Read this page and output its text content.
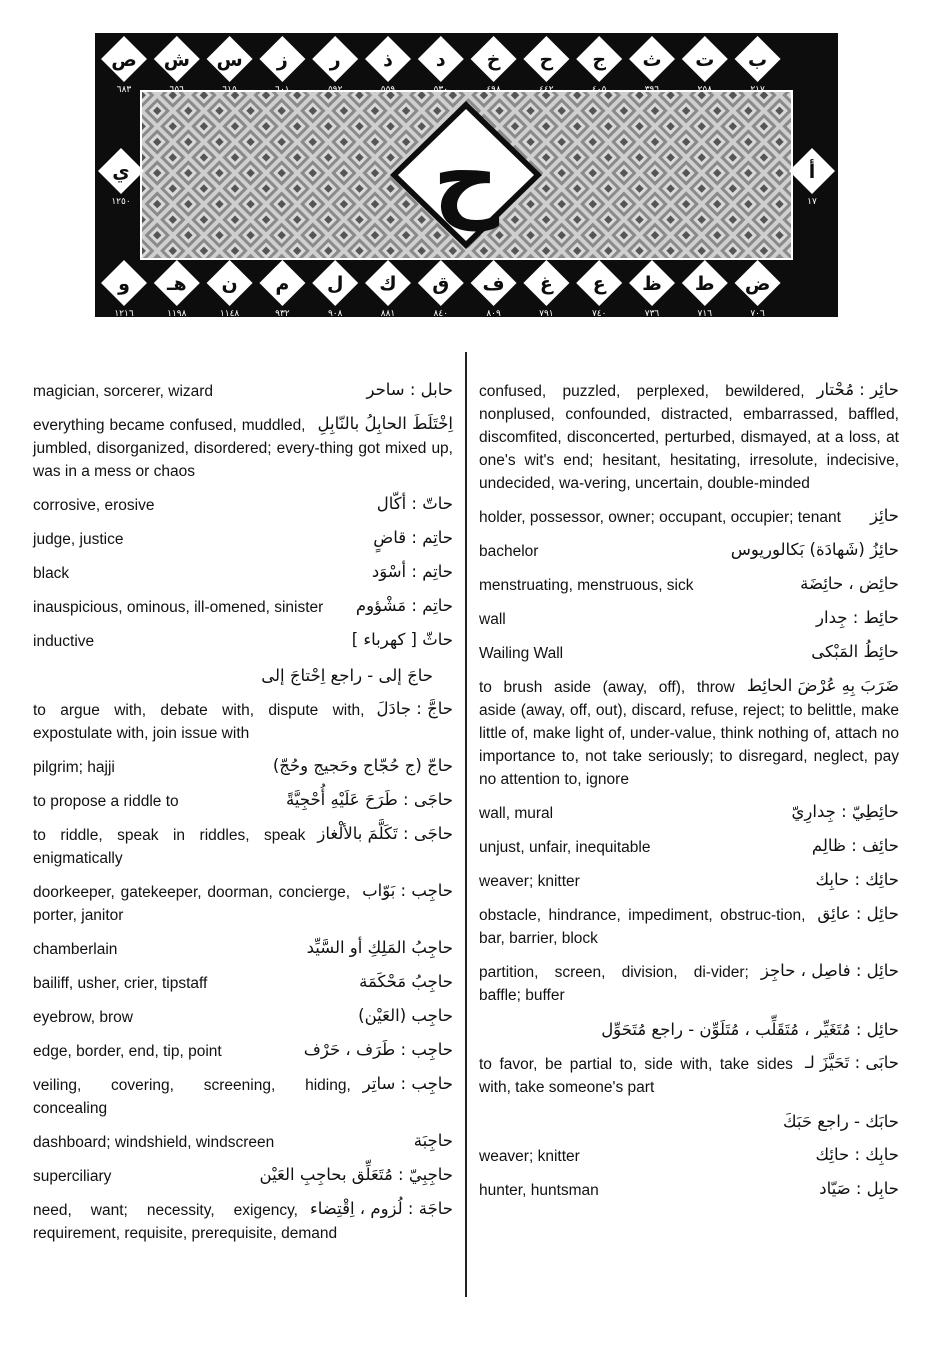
ص
٦٨٣
ش
٦٥٦
س
٦١٥
ز
٦٠١
ر
٥٩٢
ذ
٥٥٩
د
٥٣٠
خ
٤٩٨
ح
٤٤٢
ج
٤٠٥
ث
٣٩٦
ت
٢٥٨
ب
٢١٧
و
١٢١٦
هـ
١١٩٨
ن
١١٤٨
م
٩٣٢
ل
٩٠٨
ك
٨٨١
ق
٨٤٠
ف
٨٠٩
غ
٧٩١
ع
٧٤٠
ظ
٧٣٦
ط
٧١٦
ض
٧٠٦
ي
١٢٥٠
أ
١٧
ح
حابل : ساحر
magician, sorcerer, wizard
اِخْتَلَطَ الحابِلُ بالنّابِلِ
everything became confused, muddled, jumbled, disorganized, disordered; every-thing got mixed up, was in a mess or chaos
حاتّ : أكّال
corrosive, erosive
حاتِم : قاضٍ
judge, justice
حاتِم : أسْوَد
black
حاتِم : مَشْؤوم
inauspicious, ominous, ill-omened, sinister
حاثّ [ كهرباء ]
inductive
حاجَ إلى - راجع اِحْتاجَ إلى
حاجَّ : جادَلَ
to argue with, debate with, dispute with, expostulate with, join issue with
حاجّ (ج حُجّاج وحَجيج وحُجّ)
pilgrim; hajji
حاجَى : طَرَحَ عَلَيْهِ أُحْجِيَّةً
to propose a riddle to
حاجَى : تَكَلَّمَ بالألْغاز
to riddle, speak in riddles, speak enigmatically
حاجِب : بَوّاب
doorkeeper, gatekeeper, doorman, concierge, porter, janitor
حاجِبُ المَلِكِ أو السَّيِّد
chamberlain
حاجِبُ مَحْكَمَة
bailiff, usher, crier, tipstaff
حاجِب (العَيْن)
eyebrow, brow
حاجِب : طَرَف ، حَرْف
edge, border, end, tip, point
حاجِب : ساتِر
veiling, covering, screening, hiding, concealing
حاجِبَة
dashboard; windshield, windscreen
حاجِبِيّ : مُتَعَلِّق بحاجِبِ العَيْن
superciliary
حاجَة : لُزوم ، اِقْتِضاء
need, want; necessity, exigency, requirement, requisite, prerequisite, demand
حائِر : مُحْتار
confused, puzzled, perplexed, bewildered, nonplused, confounded, distracted, embarrassed, baffled, discomfited, disconcerted, perturbed, dismayed, at a loss, at one's wit's end; hesitant, hesitating, irresolute, indecisive, undecided, wa-vering, uncertain, double-minded
حائِز
holder, possessor, owner; occupant, occupier; tenant
حائِزُ (شَهادَة) بَكالوريوس
bachelor
حائِض ، حائِضَة
menstruating, menstruous, sick
حائِط : جِدار
wall
حائِطُ المَبْكى
Wailing Wall
ضَرَبَ بِهِ عُرْضَ الحائِط
to brush aside (away, off), throw aside (away, off, out), discard, refuse, reject; to belittle, make little of, make light of, under-value, think nothing of, attach no importance to, not take seriously; to disregard, neglect, pay no attention to, ignore
حائِطِيّ : جِدارِيّ
wall, mural
حائِف : ظالِم
unjust, unfair, inequitable
حائِك : حابِك
weaver; knitter
حائِل : عائِق
obstacle, hindrance, impediment, obstruc-tion, bar, barrier, block
حائِل : فاصِل ، حاجِز
partition, screen, division, di-vider; baffle; buffer
حائِل : مُتَغَيِّر ، مُتَقَلِّب ، مُتَلَوِّن - راجع مُتَحَوِّل
حابَى : تَحَيَّزَ لـ
to favor, be partial to, side with, take sides with, take someone's part
حابَك - راجع حَبَكَ
حابِك : حائِك
weaver; knitter
حابِل : صَيّاد
hunter, huntsman
